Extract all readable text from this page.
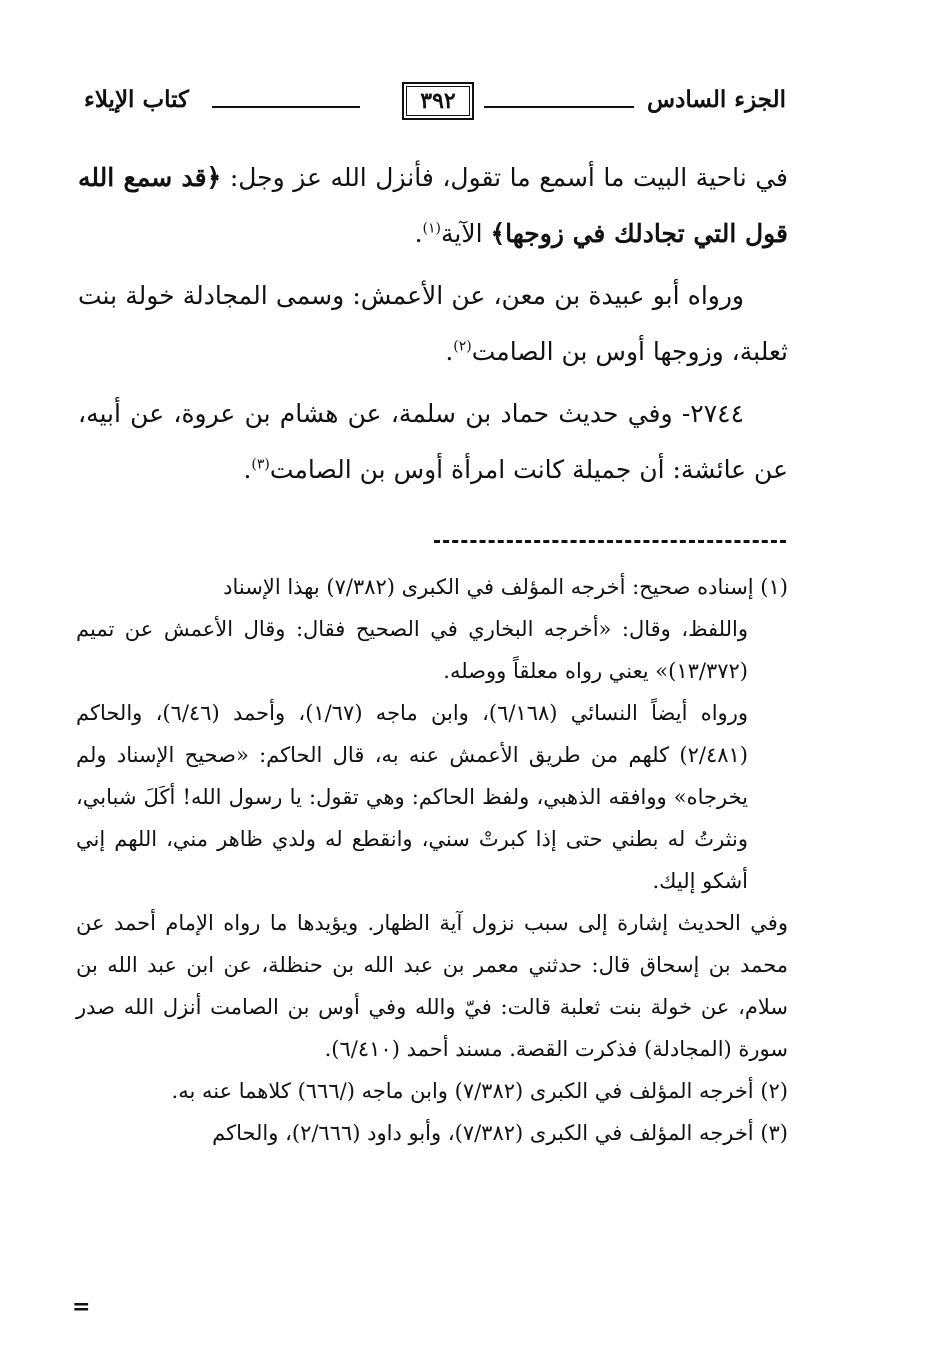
الجزء السادس
٣٩٢
كتاب الإيلاء

في ناحية البيت ما أسمع ما تقول، فأنزل الله عز وجل: ﴿قد سمع الله قول التي تجادلك في زوجها﴾ الآية$^{(١)}$.

ورواه أبو عبيدة بن معن، عن الأعمش: وسمى المجادلة خولة بنت ثعلبة، وزوجها أوس بن الصامت$^{(٢)}$.

٢٧٤٤- وفي حديث حماد بن سلمة، عن هشام بن عروة، عن أبيه، عن عائشة: أن جميلة كانت امرأة أوس بن الصامت$^{(٣)}$.

(١) إسناده صحيح: أخرجه المؤلف في الكبرى (٧/٣٨٢) بهذا الإسناد

واللفظ، وقال: «أخرجه البخاري في الصحيح فقال: وقال الأعمش عن تميم (١٣/٣٧٢)» يعني رواه معلقاً ووصله.

ورواه أيضاً النسائي (٦/١٦٨)، وابن ماجه (١/٦٧)، وأحمد (٦/٤٦)، والحاكم (٢/٤٨١) كلهم من طريق الأعمش عنه به، قال الحاكم: «صحيح الإسناد ولم يخرجاه» ووافقه الذهبي، ولفظ الحاكم: وهي تقول: يا رسول الله! أكَلَ شبابي، ونثرتُ له بطني حتى إذا كبرتْ سني، وانقطع له ولدي ظاهر مني، اللهم إني أشكو إليك.

وفي الحديث إشارة إلى سبب نزول آية الظهار. ويؤيدها ما رواه الإمام أحمد عن محمد بن إسحاق قال: حدثني معمر بن عبد الله بن حنظلة، عن ابن عبد الله بن سلام، عن خولة بنت ثعلبة قالت: فيّ والله وفي أوس بن الصامت أنزل الله صدر سورة (المجادلة) فذكرت القصة. مسند أحمد (٦/٤١٠).

(٢) أخرجه المؤلف في الكبرى (٧/٣٨٢) وابن ماجه (/٦٦٦) كلاهما عنه به.

(٣) أخرجه المؤلف في الكبرى (٧/٣٨٢)، وأبو داود (٢/٦٦٦)، والحاكم

=
